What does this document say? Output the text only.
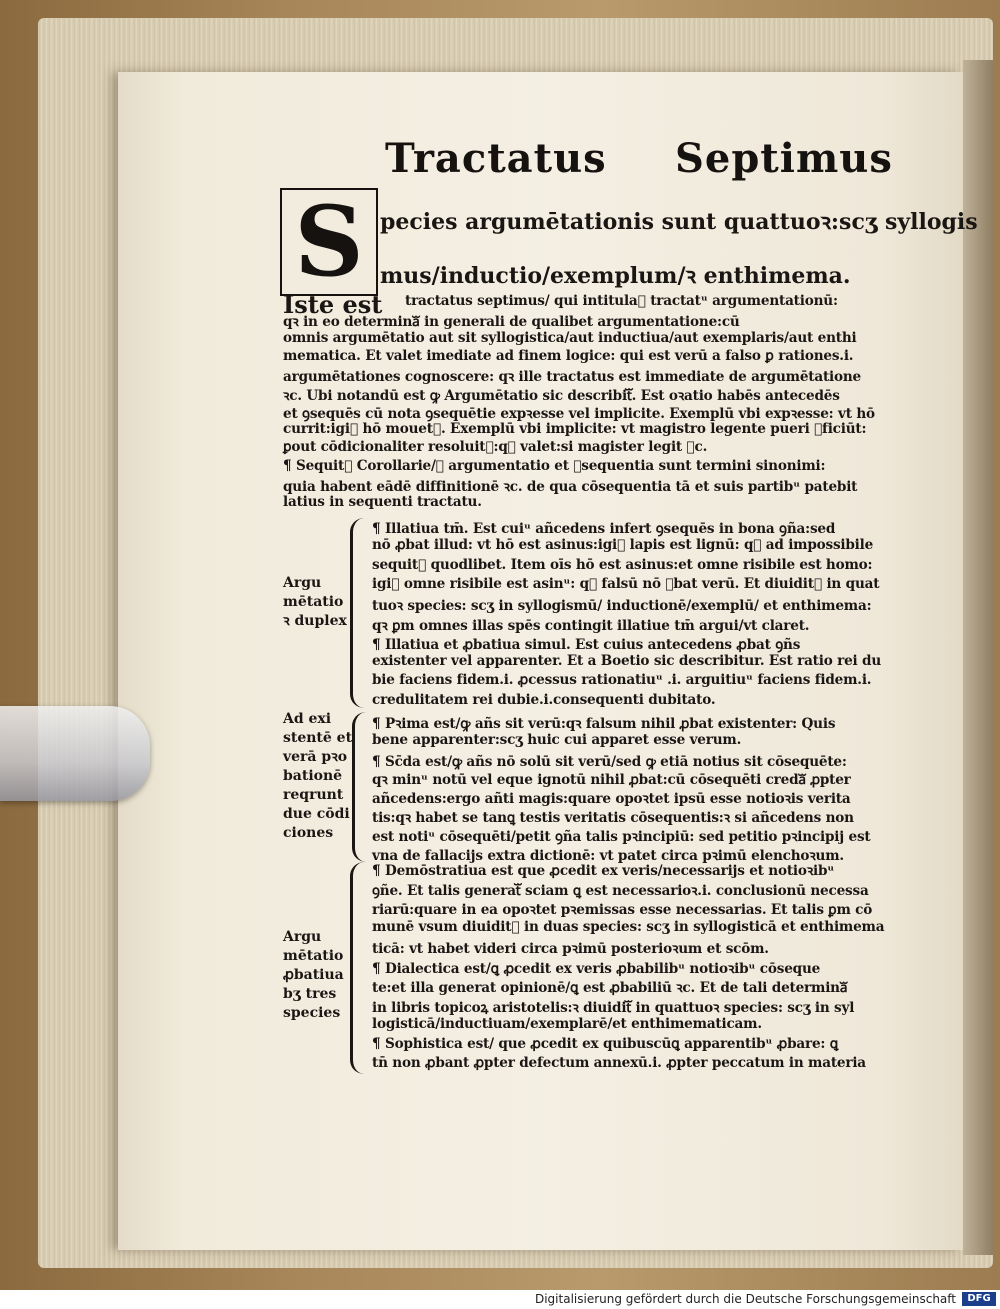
Tractatus Septimus
S pecies argumētationis sunt quattuoꝛ:scʒ syllogis
mus/inductio/exemplum/ꝛ enthimema.
Iste est tractatus septimus/ qui intitulaᷓ tractatᵘ argumentationū:
qꝛ in eo determinaᷓ in generali de qualibet argumentatione:cū
omnis argumētatio aut sit syllogistica/aut inductiua/aut exemplaris/aut enthi
mematica. Et valet imediate ad finem logice: qui est verū a falso ꝑ rationes.i.
argumētationes cognoscere: qꝛ ille tractatus est immediate de argumētatione
ꝛc. Ubi notandū est ꝙ Argumētatio sic describitᷓ. Est oꝛatio habēs antecedēs
et ꝯsequēs cū nota ꝯsequētie expꝛesse vel implicite. Exemplū vbi expꝛesse: vt hō
currit:igiᷓ hō mouetᷓ. Exemplū vbi implicite: vt magistro legente pueri ꝓficiūt:
ꝑout cōdicionaliter resoluitᷓ:qꝛ valet:si magister legit ꝛc.
¶ Sequitᷓ Corollarie/ꝙ argumentatio et ꝯsequentia sunt termini sinonimi:
quia habent eādē diffinitionē ꝛc. de qua cōsequentia tā et suis partibᵘ patebit
latius in sequenti tractatu.
¶ Illatiua tm̄. Est cuiᵘ añcedens infert ꝯsequēs in bona ꝯña:sed
nō ꝓbat illud: vt hō est asinus:igiᷓ lapis est lignū: qꝛ ad impossibile
sequitᷓ quodlibet. Item oīs hō est asinus:et omne risibile est homo:
igiᷓ omne risibile est asinᵘ: qꝛ falsū nō ꝓbat verū. Et diuiditᷓ in quat
tuoꝛ species: scʒ in syllogismū/ inductionē/exemplū/ et enthimema:
qꝛ ꝑm omnes illas spēs contingit illatiue tm̄ argui/vt claret.
¶ Illatiua et ꝓbatiua simul. Est cuius antecedens ꝓbat ꝯñs
existenter vel apparenter. Et a Boetio sic describitur. Est ratio rei du
bie faciens fidem.i. ꝓcessus rationatiuᵘ .i. arguitiuᵘ faciens fidem.i.
credulitatem rei dubie.i.consequenti dubitato.
¶ Pꝛima est/ꝙ añs sit verū:qꝛ falsum nihil ꝓbat existenter: Quis
bene apparenter:scʒ huic cui apparet esse verum.
¶ Sc̄da est/ꝙ añs nō solū sit verū/sed ꝙ etiā notius sit cōsequēte:
qꝛ minᵘ notū vel eque ignotū nihil ꝓbat:cū cōsequēti credaᷓ ꝓpter
añcedens:ergo añti magis:quare opoꝛtet ipsū esse notioꝛis verita
tis:qꝛ habet se tanꝗ testis veritatis cōsequentis:ꝛ si añcedens non
est notiᵘ cōsequēti/petit ꝯña talis pꝛincipiū: sed petitio pꝛincipij est
vna de fallacijs extra dictionē: vt patet circa pꝛimū elenchoꝛum.
¶ Demōstratiua est que ꝓcedit ex veris/necessarijs et notioꝛibᵘ
ꝯñe. Et talis generatᷓ sciam ꝗ est necessarioꝛ.i. conclusionū necessa
riarū:quare in ea opoꝛtet pꝛemissas esse necessarias. Et talis ꝑm cō
munē vsum diuiditᷓ in duas species: scʒ in syllogisticā et enthimema
ticā: vt habet videri circa pꝛimū posterioꝛum et scōm.
¶ Dialectica est/ꝗ ꝓcedit ex veris ꝓbabilibᵘ notioꝛibᵘ cōseque
te:et illa generat opinionē/ꝗ est ꝓbabiliū ꝛc. Et de tali determinaᷓ
in libris topicoꝝ aristotelis:ꝛ diuiditᷓ in quattuoꝛ species: scʒ in syl
logisticā/inductiuam/exemplarē/et enthimematicam.
¶ Sophistica est/ que ꝓcedit ex quibuscūꝗ apparentibᵘ ꝓbare: ꝗ
tn̄ non ꝓbant ꝓpter defectum annexū.i. ꝓpter peccatum in materia
Argu
mētatio
ꝛ duplex
Ad exi
stentē et
verā pꝛo
bationē
reqrunt
due cōdi
ciones
Argu
mētatio
ꝓbatiua
bʒ tres
species
Digitalisierung gefördert durch die Deutsche Forschungsgemeinschaft	DFG
